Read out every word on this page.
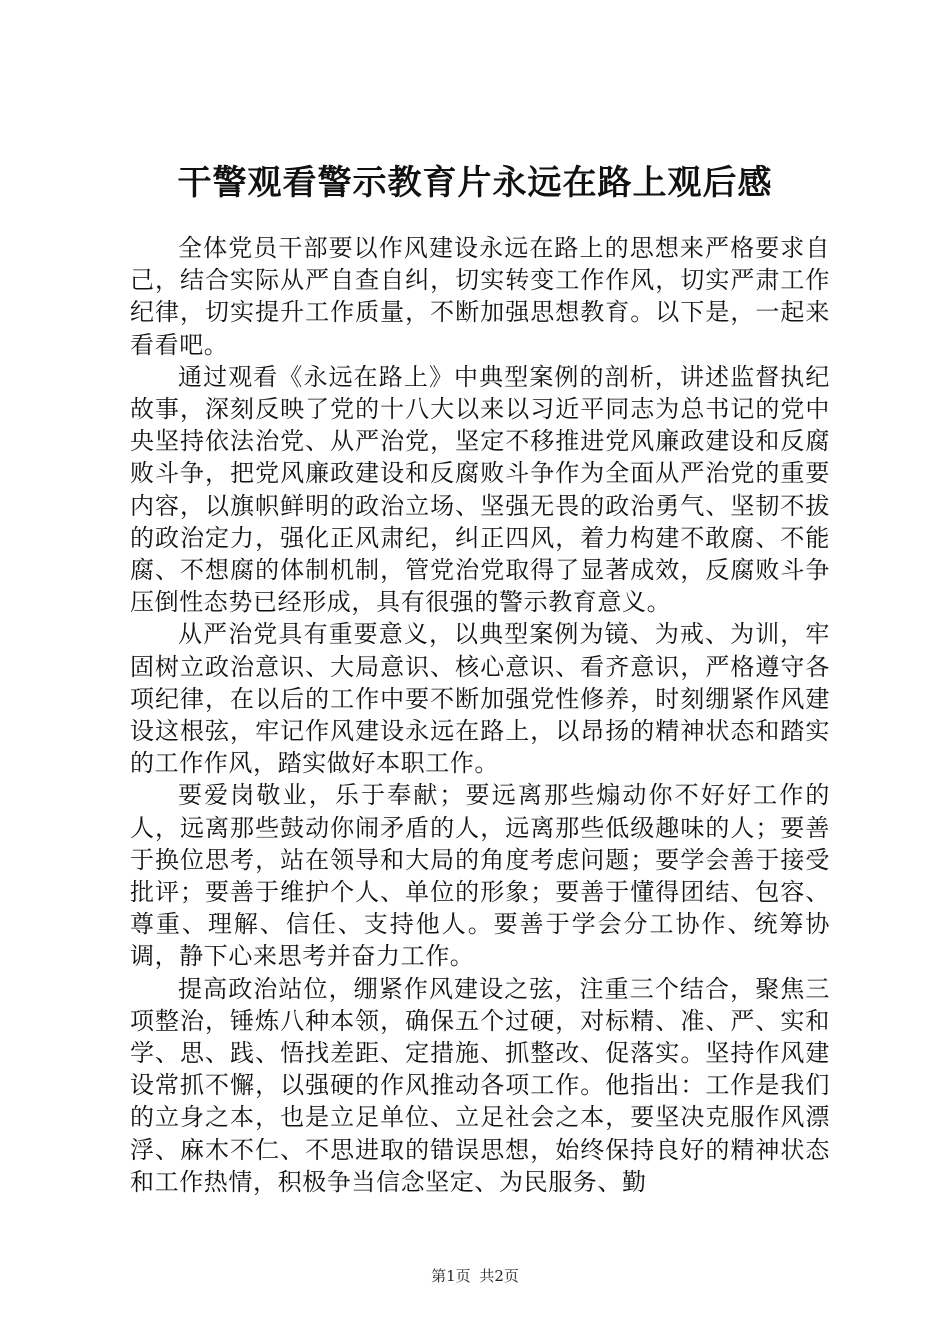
干警观看警示教育片永远在路上观后感

全体党员干部要以作风建设永远在路上的思想来严格要求自己，结合实际从严自查自纠，切实转变工作作风，切实严肃工作纪律，切实提升工作质量，不断加强思想教育。以下是，一起来看看吧。

通过观看《永远在路上》中典型案例的剖析，讲述监督执纪故事，深刻反映了党的十八大以来以习近平同志为总书记的党中央坚持依法治党、从严治党，坚定不移推进党风廉政建设和反腐败斗争，把党风廉政建设和反腐败斗争作为全面从严治党的重要内容，以旗帜鲜明的政治立场、坚强无畏的政治勇气、坚韧不拔的政治定力，强化正风肃纪，纠正四风，着力构建不敢腐、不能腐、不想腐的体制机制，管党治党取得了显著成效，反腐败斗争压倒性态势已经形成，具有很强的警示教育意义。

从严治党具有重要意义，以典型案例为镜、为戒、为训，牢固树立政治意识、大局意识、核心意识、看齐意识，严格遵守各项纪律，在以后的工作中要不断加强党性修养，时刻绷紧作风建设这根弦，牢记作风建设永远在路上，以昂扬的精神状态和踏实的工作作风，踏实做好本职工作。

要爱岗敬业，乐于奉献；要远离那些煽动你不好好工作的人，远离那些鼓动你闹矛盾的人，远离那些低级趣味的人；要善于换位思考，站在领导和大局的角度考虑问题；要学会善于接受批评；要善于维护个人、单位的形象；要善于懂得团结、包容、尊重、理解、信任、支持他人。要善于学会分工协作、统筹协调，静下心来思考并奋力工作。

提高政治站位，绷紧作风建设之弦，注重三个结合，聚焦三项整治，锤炼八种本领，确保五个过硬，对标精、准、严、实和学、思、践、悟找差距、定措施、抓整改、促落实。坚持作风建设常抓不懈，以强硬的作风推动各项工作。他指出：工作是我们的立身之本，也是立足单位、立足社会之本，要坚决克服作风漂浮、麻木不仁、不思进取的错误思想，始终保持良好的精神状态和工作热情，积极争当信念坚定、为民服务、勤

第1页 共2页
